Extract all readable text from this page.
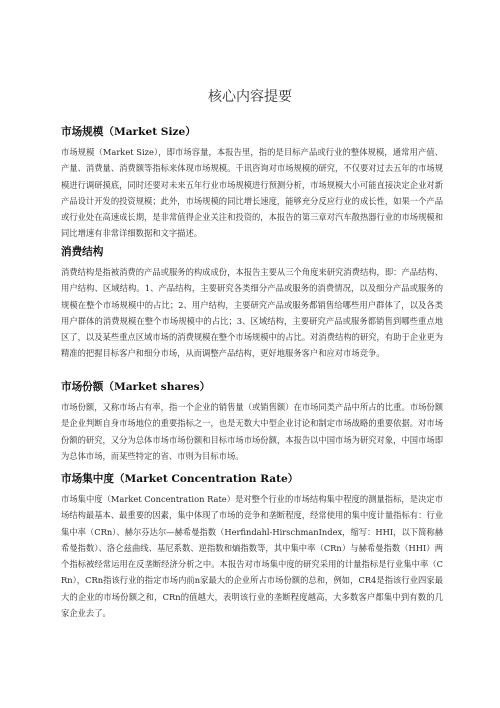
核心内容提要
市场规模（Market Size）

市场规模（Market Size），即市场容量，本报告里，指的是目标产品或行业的整体规模，通常用产值、产量、消费量、消费额等指标来体现市场规模。千讯咨询对市场规模的研究，不仅要对过去五年的市场规模进行调研摸底，同时还要对未来五年行业市场规模进行预测分析，市场规模大小可能直接决定企业对新产品设计开发的投资规模；此外，市场规模的同比增长速度，能够充分反应行业的成长性，如果一个产品或行业处在高速成长期，是非常值得企业关注和投资的，本报告的第三章对汽车散热器行业的市场规模和同比增速有非常详细数据和文字描述。

消费结构

消费结构是指被消费的产品或服务的构成成份，本报告主要从三个角度来研究消费结构，即：产品结构、用户结构、区域结构。1、产品结构，主要研究各类细分产品或服务的消费情况，以及细分产品或服务的规模在整个市场规模中的占比；2、用户结构，主要研究产品或服务都销售给哪些用户群体了，以及各类用户群体的消费规模在整个市场规模中的占比；3、区域结构，主要研究产品或服务都销售到哪些重点地区了，以及某些重点区域市场的消费规模在整个市场规模中的占比。对消费结构的研究，有助于企业更为精准的把握目标客户和细分市场，从而调整产品结构，更好地服务客户和应对市场竞争。

市场份额（Market shares）

市场份额，又称市场占有率，指一个企业的销售量（或销售额）在市场同类产品中所占的比重。市场份额是企业判断自身市场地位的重要指标之一，也是无数大中型企业讨论和制定市场战略的重要依据。对市场份额的研究，又分为总体市场市场份额和目标市场市场份额，本报告以中国市场为研究对象，中国市场即为总体市场，而某些特定的省、市则为目标市场。

市场集中度（Market Concentration Rate）

市场集中度（Market Concentration Rate）是对整个行业的市场结构集中程度的测量指标，是决定市场结构最基本、最重要的因素，集中体现了市场的竞争和垄断程度，经常使用的集中度计量指标有：行业集中率（CRn）、赫尔芬达尔—赫希曼指数（Herfindahl-HirschmanIndex，缩写：HHI，以下简称赫希曼指数）、洛仑兹曲线、基尼系数、逆指数和熵指数等，其中集中率（CRn）与赫希曼指数（HHI）两个指标被经常运用在反垄断经济分析之中。本报告对市场集中度的研究采用的计量指标是行业集中率（CRn），CRn指该行业的指定市场内前n家最大的企业所占市场份额的总和，例如，CR4是指该行业四家最大的企业的市场份额之和，CRn的值越大，表明该行业的垄断程度越高，大多数客户都集中到有数的几家企业去了。
